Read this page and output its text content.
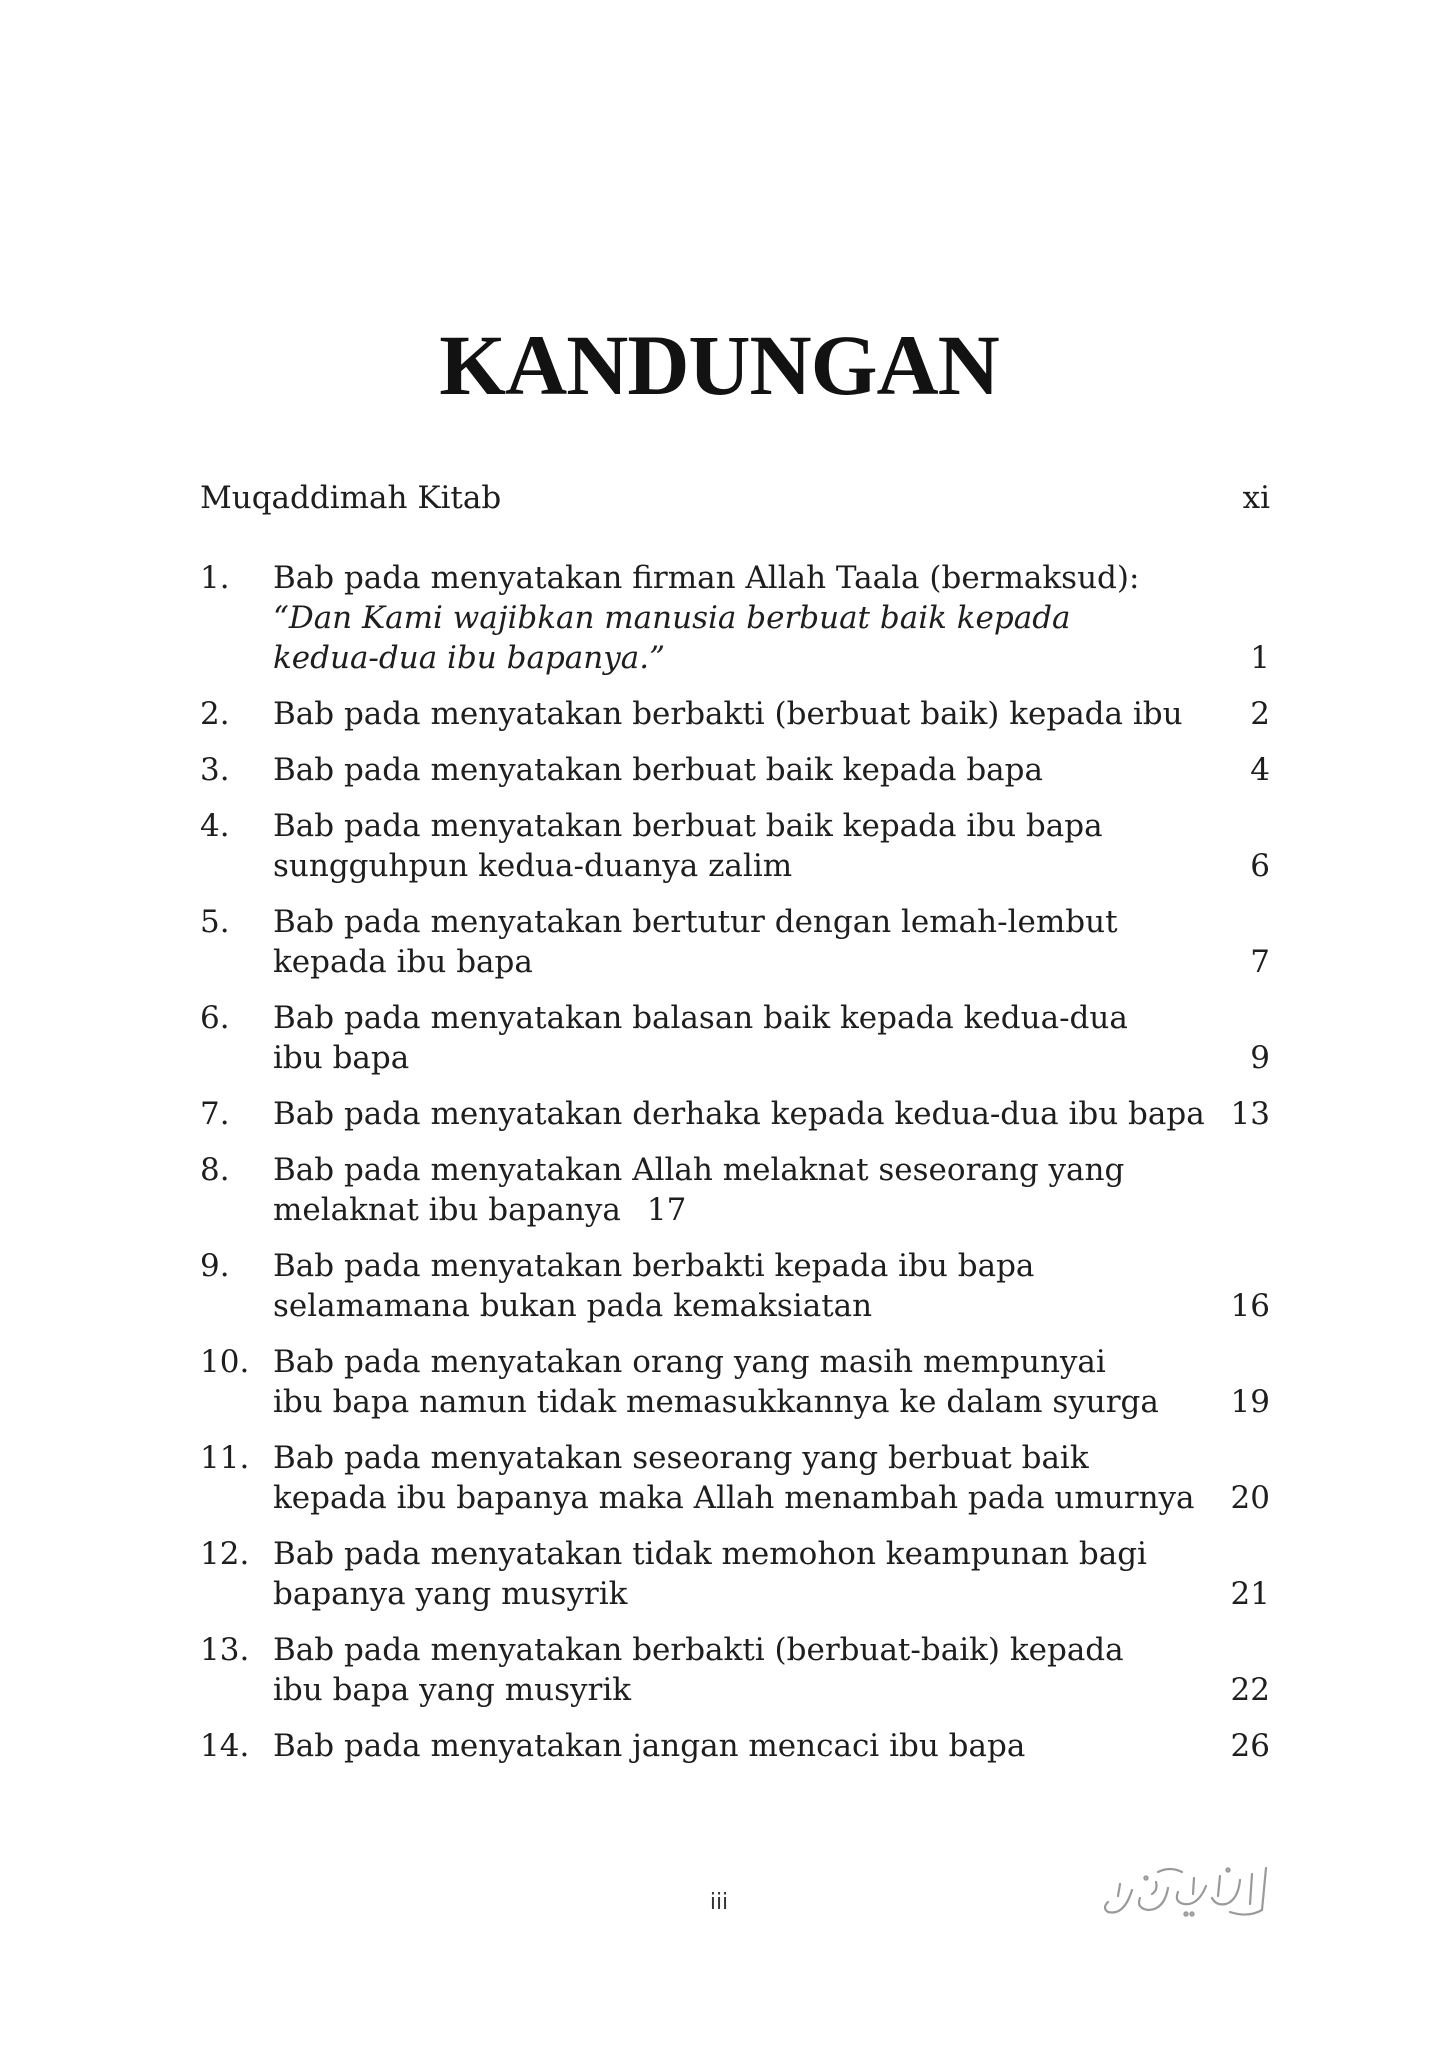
KANDUNGAN
Muqaddimah Kitab	xi
1.	Bab pada menyatakan firman Allah Taala (bermaksud):
“Dan Kami wajibkan manusia berbuat baik kepada
kedua-dua ibu bapanya.”	1
2.	Bab pada menyatakan berbakti (berbuat baik) kepada ibu	2
3.	Bab pada menyatakan berbuat baik kepada bapa	4
4.	Bab pada menyatakan berbuat baik kepada ibu bapa
sungguhpun kedua-duanya zalim	6
5.	Bab pada menyatakan bertutur dengan lemah-lembut
kepada ibu bapa	7
6.	Bab pada menyatakan balasan baik kepada kedua-dua
ibu bapa	9
7.	Bab pada menyatakan derhaka kepada kedua-dua ibu bapa 13
8.	Bab pada menyatakan Allah melaknat seseorang yang
melaknat ibu bapanya 17
9.	Bab pada menyatakan berbakti kepada ibu bapa
selamamana bukan pada kemaksiatan	16
10. Bab pada menyatakan orang yang masih mempunyai
ibu bapa namun tidak memasukkannya ke dalam syurga	19
11. Bab pada menyatakan seseorang yang berbuat baik
kepada ibu bapanya maka Allah menambah pada umurnya	20
12. Bab pada menyatakan tidak memohon keampunan bagi
bapanya yang musyrik	21
13. Bab pada menyatakan berbakti (berbuat-baik) kepada
ibu bapa yang musyrik	22
14. Bab pada menyatakan jangan mencaci ibu bapa	26
iii
